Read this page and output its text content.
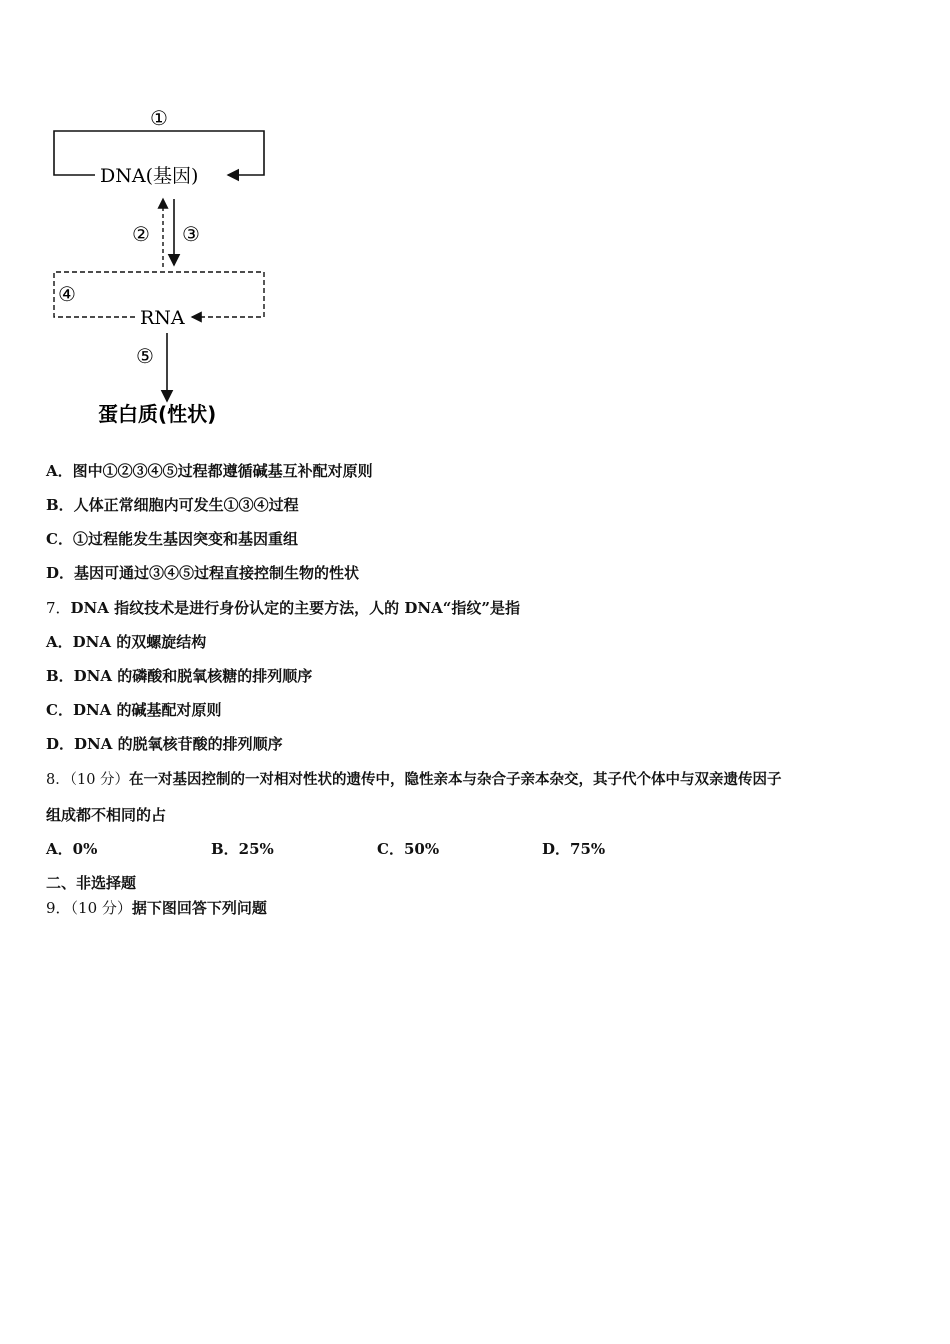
①
DNA(基因)
② ③
④
RNA
⑤
蛋白质(性状)
A．图中①②③④⑤过程都遵循碱基互补配对原则
B．人体正常细胞内可发生①③④过程
C．①过程能发生基因突变和基因重组
D．基因可通过③④⑤过程直接控制生物的性状
7．DNA 指纹技术是进行身份认定的主要方法，人的 DNA“指纹”是指
A．DNA 的双螺旋结构
B．DNA 的磷酸和脱氧核糖的排列顺序
C．DNA 的碱基配对原则
D．DNA 的脱氧核苷酸的排列顺序
8．（10 分）在一对基因控制的一对相对性状的遗传中，隐性亲本与杂合子亲本杂交，其子代个体中与双亲遗传因子
组成都不相同的占
A．0%	B．25%	C．50%	D．75%
二、非选择题
9．（10 分）据下图回答下列问题
